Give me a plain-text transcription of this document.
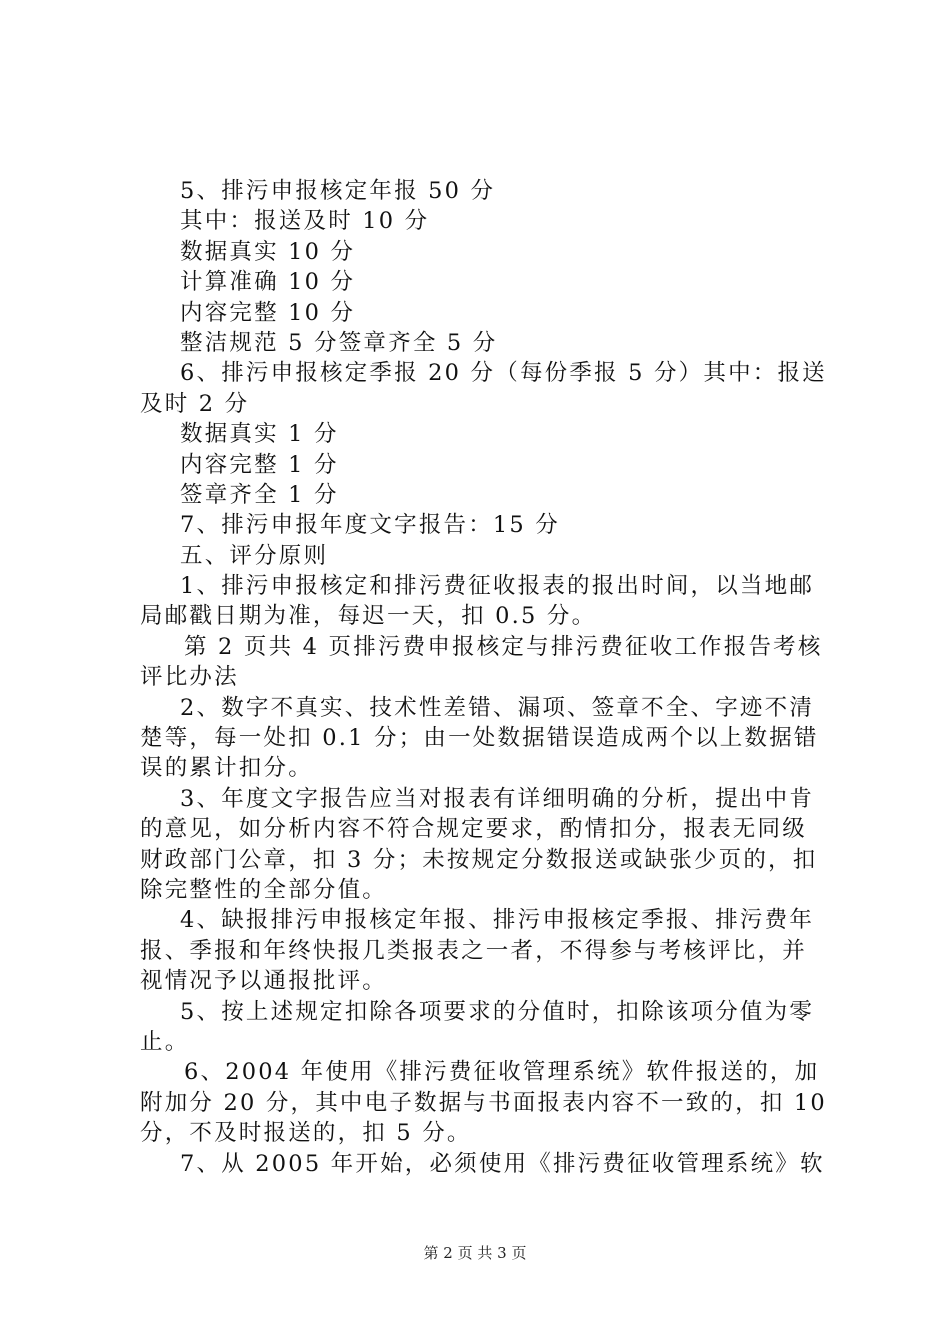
5、排污申报核定年报 50 分
其中：报送及时 10 分
数据真实 10 分
计算准确 10 分
内容完整 10 分
整洁规范 5 分签章齐全 5 分
6、排污申报核定季报 20 分（每份季报 5 分）其中：报送
及时 2 分
数据真实 1 分
内容完整 1 分
签章齐全 1 分
7、排污申报年度文字报告：15 分
五、评分原则
1、排污申报核定和排污费征收报表的报出时间，以当地邮
局邮戳日期为准，每迟一天，扣 0.5 分。
第 2 页共 4 页排污费申报核定与排污费征收工作报告考核
评比办法
2、数字不真实、技术性差错、漏项、签章不全、字迹不清
楚等，每一处扣 0.1 分；由一处数据错误造成两个以上数据错
误的累计扣分。
3、年度文字报告应当对报表有详细明确的分析，提出中肯
的意见，如分析内容不符合规定要求，酌情扣分，报表无同级
财政部门公章，扣 3 分；未按规定分数报送或缺张少页的，扣
除完整性的全部分值。
4、缺报排污申报核定年报、排污申报核定季报、排污费年
报、季报和年终快报几类报表之一者，不得参与考核评比，并
视情况予以通报批评。
5、按上述规定扣除各项要求的分值时，扣除该项分值为零
止。
6、2004 年使用《排污费征收管理系统》软件报送的，加
附加分 20 分，其中电子数据与书面报表内容不一致的，扣 10
分，不及时报送的，扣 5 分。
7、从 2005 年开始，必须使用《排污费征收管理系统》软
第 2 页 共 3 页
